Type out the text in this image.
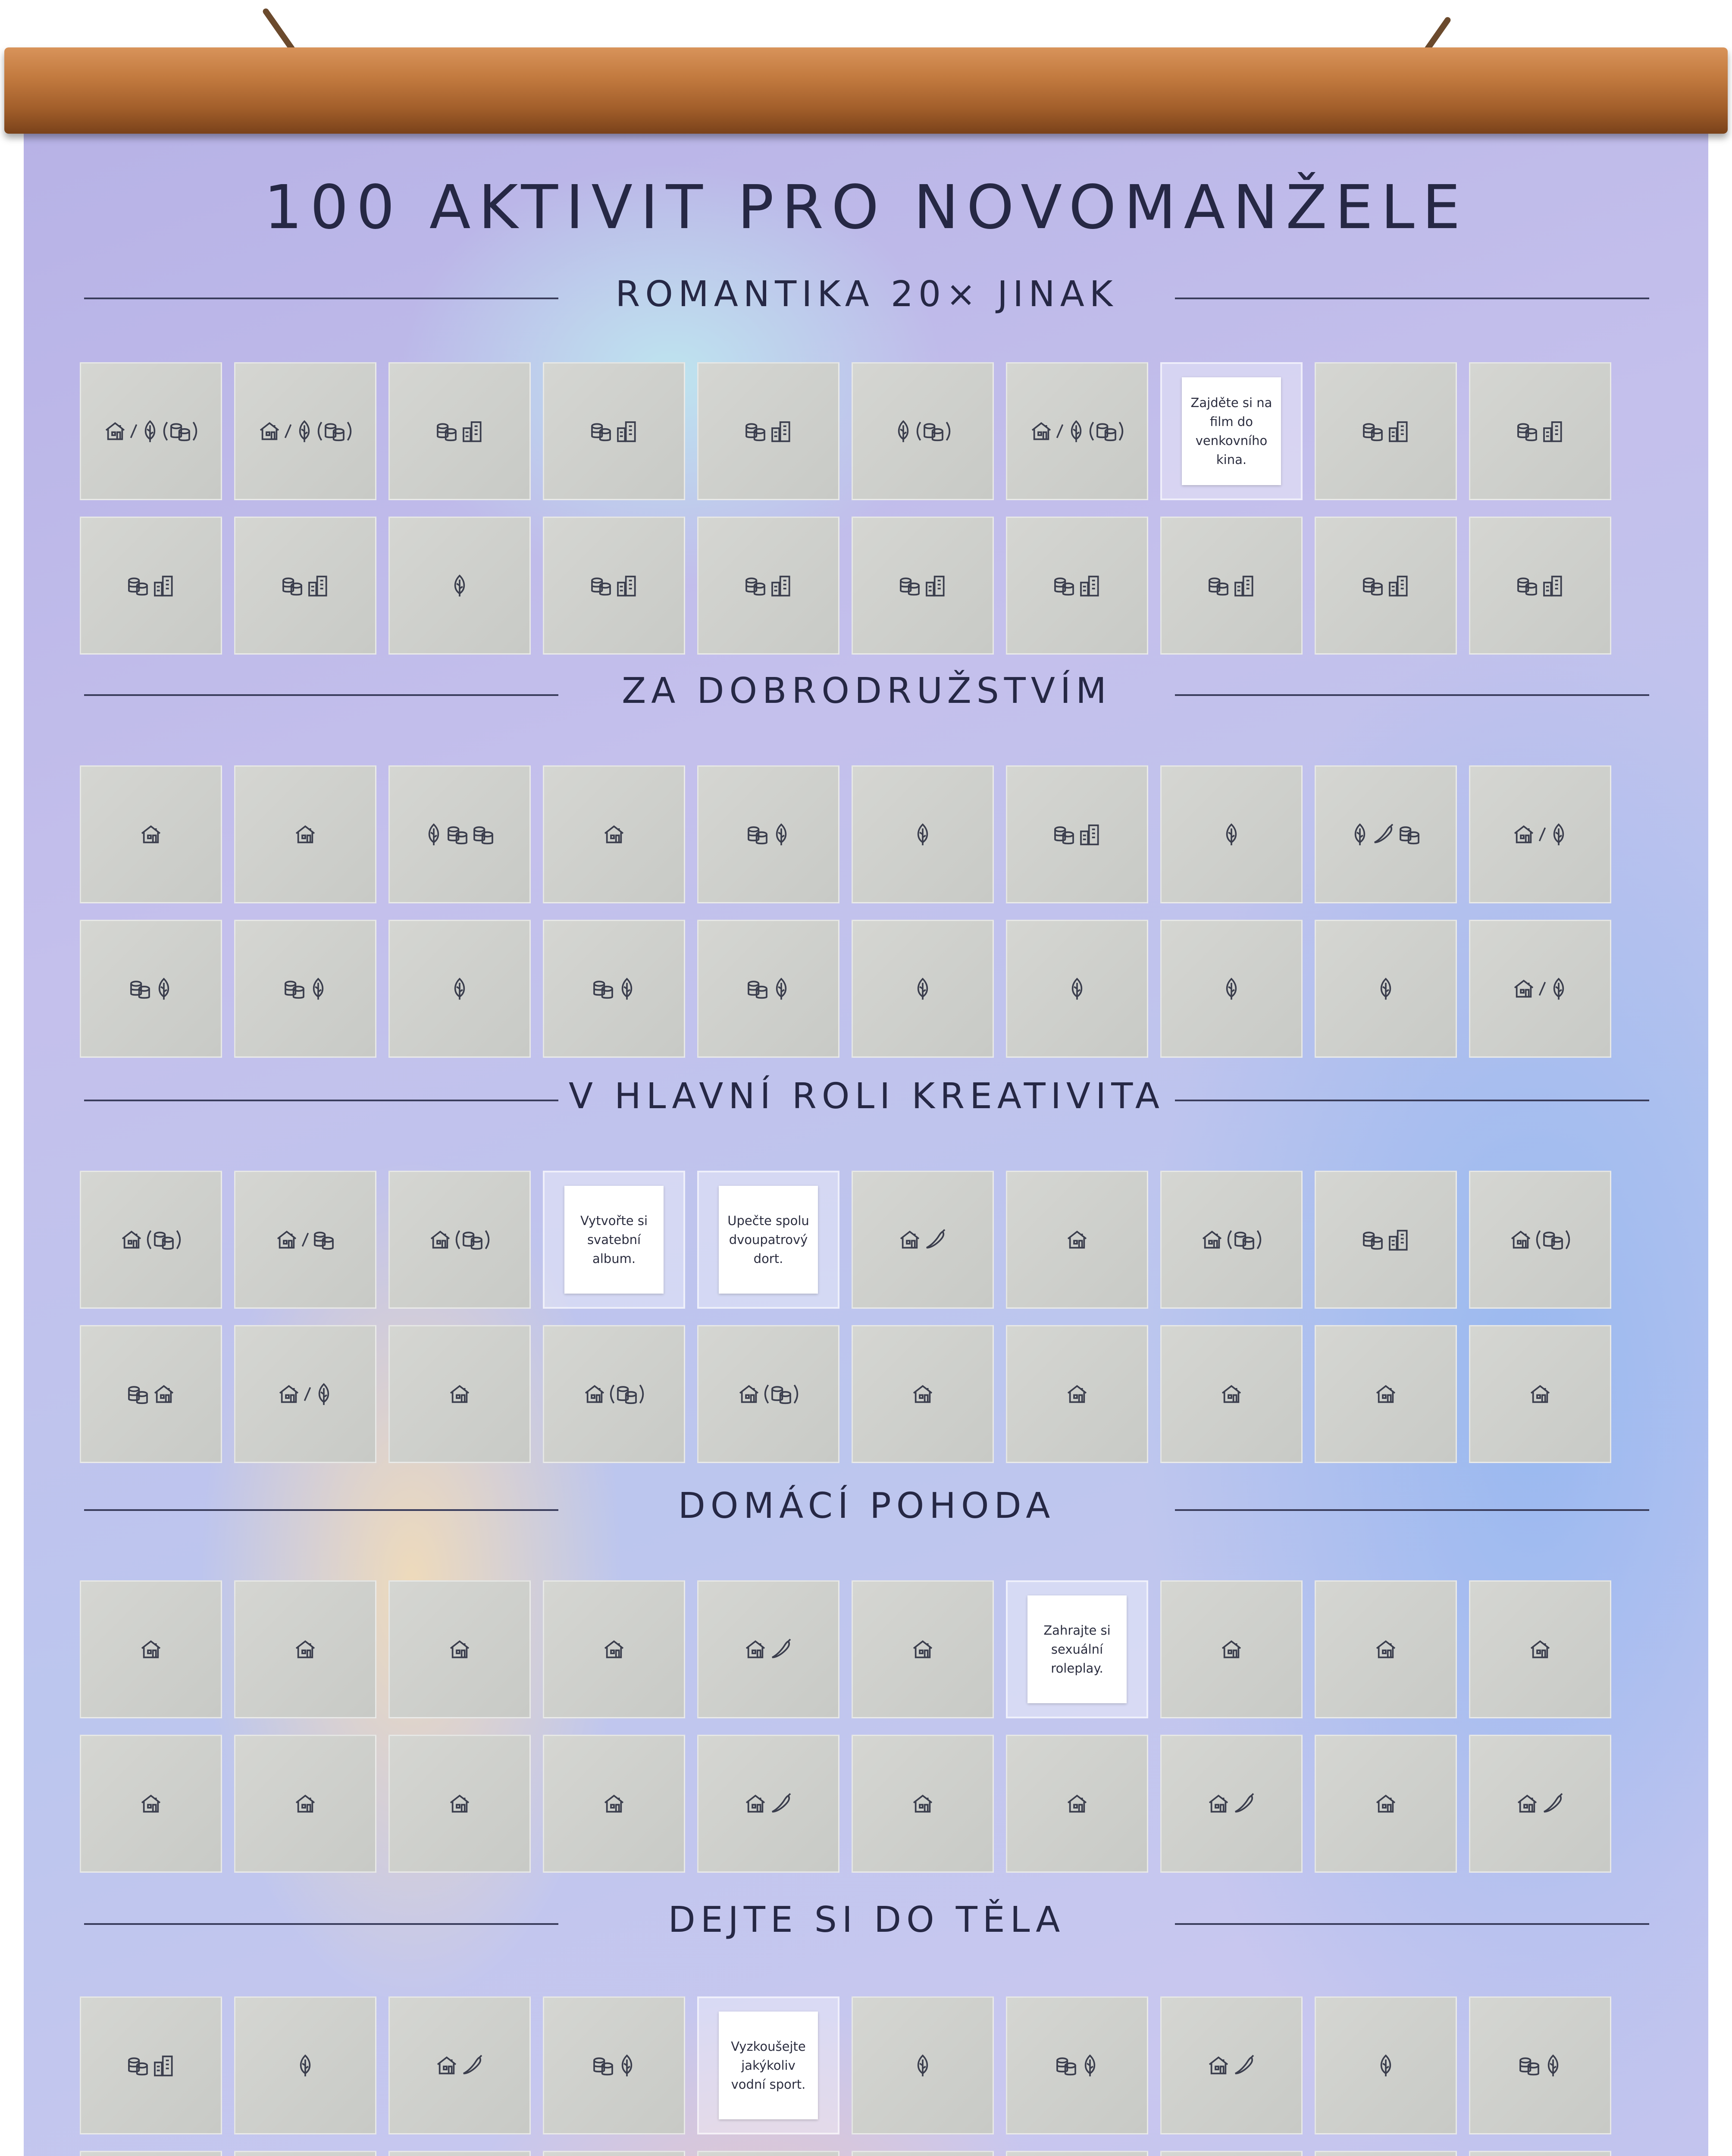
100 AKTIVIT PRO NOVOMANŽELE
ROMANTIKA 20× JINAK
Zajděte si na film do venkovního kina.
ZA DOBRODRUŽSTVÍM
V HLAVNÍ ROLI KREATIVITA
Vytvořte si svatební album.
Upečte spolu dvoupatrový dort.
DOMÁCÍ POHODA
Zahrajte si sexuální roleplay.
DEJTE SI DO TĚLA
Vyzkoušejte jakýkoliv vodní sport.
